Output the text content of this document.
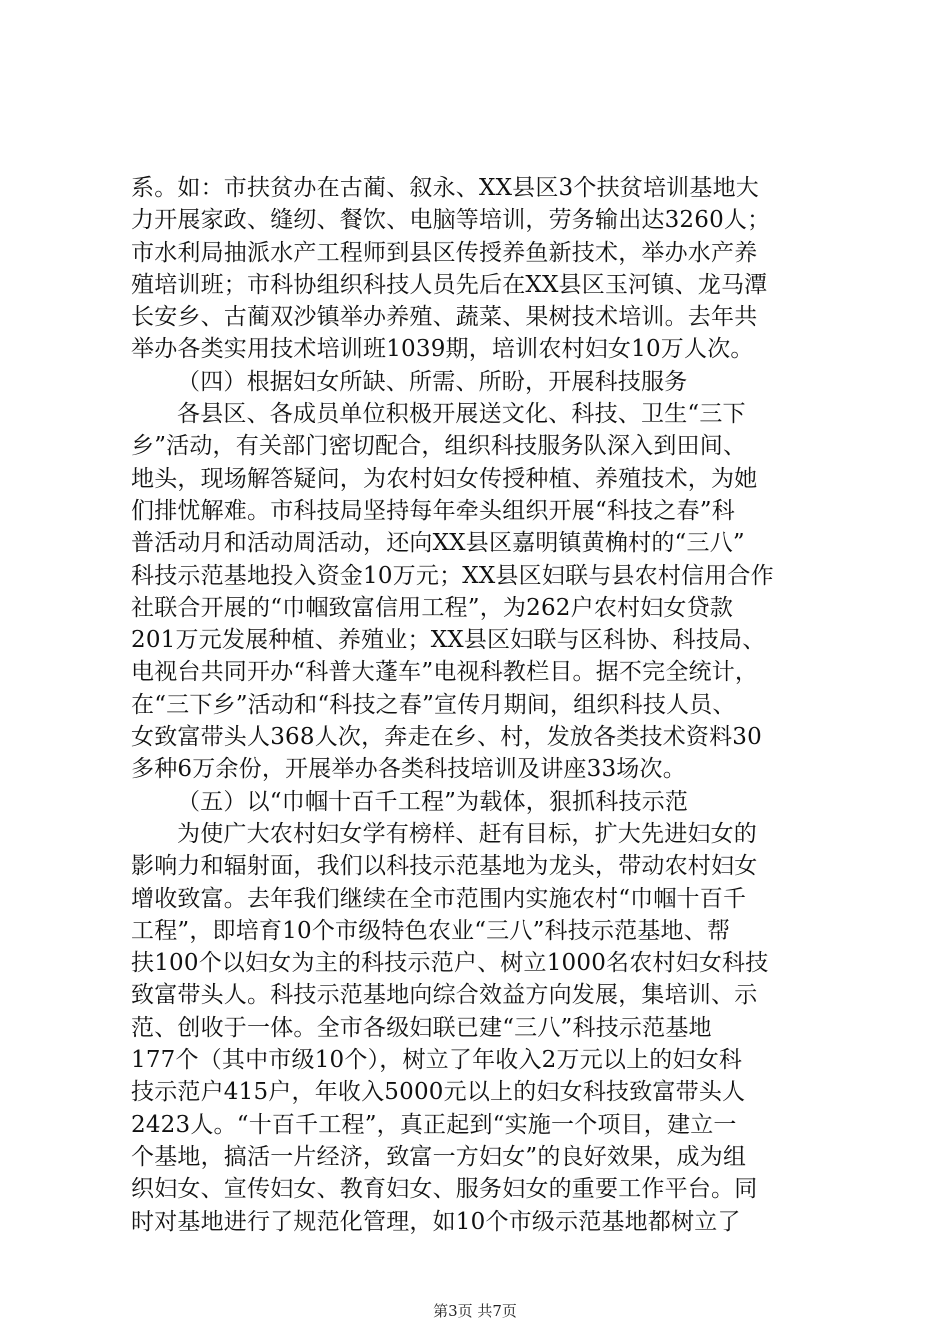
系。如：市扶贫办在古蔺、叙永、XX县区3个扶贫培训基地大
力开展家政、缝纫、餐饮、电脑等培训，劳务输出达3260人；
市水利局抽派水产工程师到县区传授养鱼新技术，举办水产养
殖培训班；市科协组织科技人员先后在XX县区玉河镇、龙马潭
长安乡、古蔺双沙镇举办养殖、蔬菜、果树技术培训。去年共
举办各类实用技术培训班1039期，培训农村妇女10万人次。
（四）根据妇女所缺、所需、所盼，开展科技服务
各县区、各成员单位积极开展送文化、科技、卫生“三下
乡”活动，有关部门密切配合，组织科技服务队深入到田间、
地头，现场解答疑问，为农村妇女传授种植、养殖技术，为她
们排忧解难。市科技局坚持每年牵头组织开展“科技之春”科
普活动月和活动周活动，还向XX县区嘉明镇黄桷村的“三八”
科技示范基地投入资金10万元；XX县区妇联与县农村信用合作
社联合开展的“巾帼致富信用工程”，为262户农村妇女贷款
201万元发展种植、养殖业；XX县区妇联与区科协、科技局、
电视台共同开办“科普大蓬车”电视科教栏目。据不完全统计，
在“三下乡”活动和“科技之春”宣传月期间，组织科技人员、
女致富带头人368人次，奔走在乡、村，发放各类技术资料30
多种6万余份，开展举办各类科技培训及讲座33场次。
（五）以“巾帼十百千工程”为载体，狠抓科技示范
为使广大农村妇女学有榜样、赶有目标，扩大先进妇女的
影响力和辐射面，我们以科技示范基地为龙头，带动农村妇女
增收致富。去年我们继续在全市范围内实施农村“巾帼十百千
工程”，即培育10个市级特色农业“三八”科技示范基地、帮
扶100个以妇女为主的科技示范户、树立1000名农村妇女科技
致富带头人。科技示范基地向综合效益方向发展，集培训、示
范、创收于一体。全市各级妇联已建“三八”科技示范基地
177个（其中市级10个），树立了年收入2万元以上的妇女科
技示范户415户，年收入5000元以上的妇女科技致富带头人
2423人。“十百千工程”，真正起到“实施一个项目，建立一
个基地，搞活一片经济，致富一方妇女”的良好效果，成为组
织妇女、宣传妇女、教育妇女、服务妇女的重要工作平台。同
时对基地进行了规范化管理，如10个市级示范基地都树立了
第3页 共7页
